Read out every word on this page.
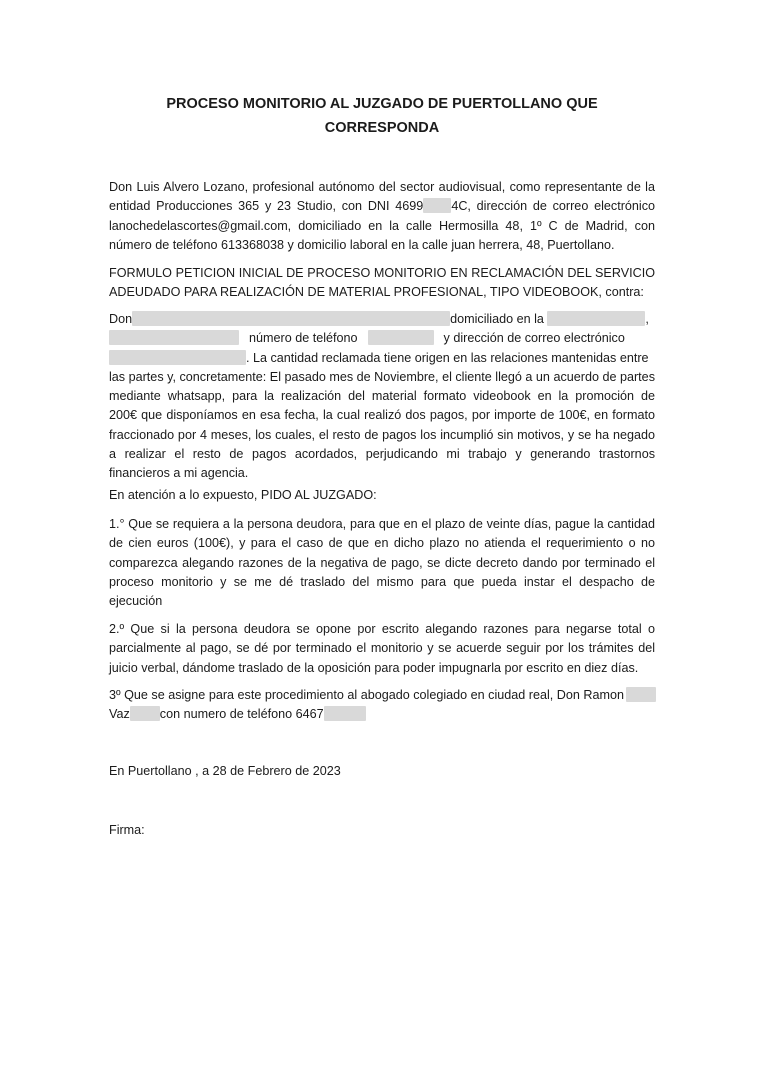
PROCESO MONITORIO AL JUZGADO DE PUERTOLLANO QUE
CORRESPONDA
Don Luis Alvero Lozano, profesional autónomo del sector audiovisual, como representante de la
entidad Producciones 365 y 23 Studio, con DNI 4699 4C, dirección de correo electrónico
lanochedelascortes@gmail.com, domiciliado en la calle Hermosilla 48, 1º C de Madrid, con
número de teléfono 613368038 y domicilio laboral en la calle juan herrera, 48, Puertollano.
FORMULO PETICION INICIAL DE PROCESO MONITORIO EN RECLAMACIÓN DEL SERVICIO
ADEUDADO PARA REALIZACIÓN DE MATERIAL PROFESIONAL, TIPO VIDEOBOOK, contra:
Don	domiciliado en la	,
número de teléfono	y dirección de correo electrónico
. La cantidad reclamada tiene origen en las relaciones mantenidas entre
las partes y, concretamente: El pasado mes de Noviembre, el cliente llegó a un acuerdo de partes
mediante whatsapp, para la realización del material formato videobook en la promoción de
200€ que disponíamos en esa fecha, la cual realizó dos pagos, por importe de 100€, en formato
fraccionado por 4 meses, los cuales, el resto de pagos los incumplió sin motivos, y se ha negado
a realizar el resto de pagos acordados, perjudicando mi trabajo y generando trastornos
financieros a mi agencia.
En atención a lo expuesto, PIDO AL JUZGADO:
1.° Que se requiera a la persona deudora, para que en el plazo de veinte días, pague la cantidad
de cien euros (100€), y para el caso de que en dicho plazo no atienda el requerimiento o no
comparezca alegando razones de la negativa de pago, se dicte decreto dando por terminado el
proceso monitorio y se me dé traslado del mismo para que pueda instar el despacho de
ejecución
2.º Que si la persona deudora se opone por escrito alegando razones para negarse total o
parcialmente al pago, se dé por terminado el monitorio y se acuerde seguir por los trámites del
juicio verbal, dándome traslado de la oposición para poder impugnarla por escrito en diez días.
3º Que se asigne para este procedimiento al abogado colegiado en ciudad real, Don Ramon
Vaz con numero de teléfono 6467
En Puertollano , a 28 de Febrero de 2023
Firma:
